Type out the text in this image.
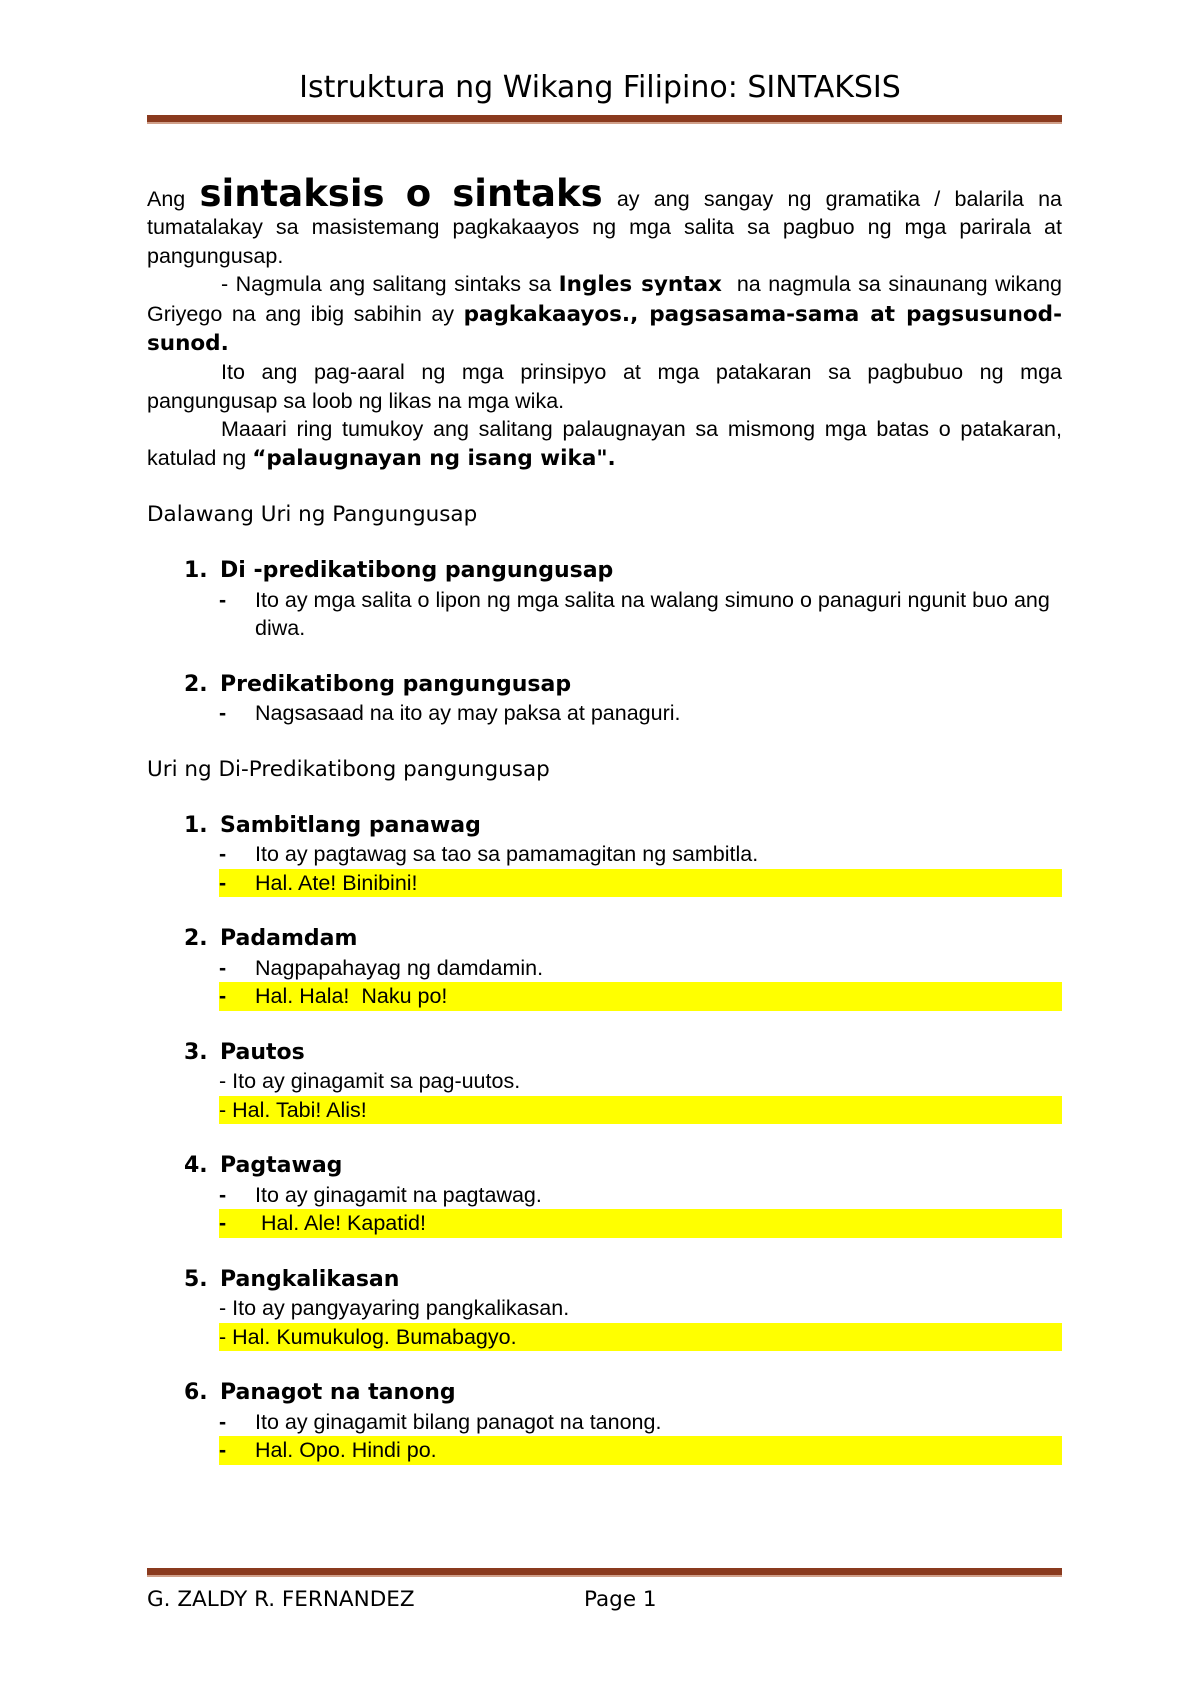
Istruktura ng Wikang Filipino: SINTAKSIS

Ang sintaksis o sintaks ay ang sangay ng gramatika / balarila na tumatalakay sa masistemang pagkakaayos ng mga salita sa pagbuo ng mga parirala at pangungusap.

- Nagmula ang salitang sintaks sa Ingles syntax  na nagmula sa sinaunang wikang Griyego na ang ibig sabihin ay pagkakaayos., pagsasama-sama at pagsusunod-sunod.

Ito ang pag-aaral ng mga prinsipyo at mga patakaran sa pagbubuo ng mga pangungusap sa loob ng likas na mga wika.

Maaari ring tumukoy ang salitang palaugnayan sa mismong mga batas o patakaran, katulad ng “palaugnayan ng isang wika".

Dalawang Uri ng Pangungusap

1. Di -predikatibong pangungusap

- Ito ay mga salita o lipon ng mga salita na walang simuno o panaguri ngunit buo ang diwa.

2. Predikatibong pangungusap

- Nagsasaad na ito ay may paksa at panaguri.

Uri ng Di-Predikatibong pangungusap

1. Sambitlang panawag

- Ito ay pagtawag sa tao sa pamamagitan ng sambitla.

- Hal. Ate! Binibini!

2. Padamdam

- Nagpapahayag ng damdamin.

- Hal. Hala!  Naku po!

3. Pautos

- Ito ay ginagamit sa pag-uutos.

- Hal. Tabi! Alis!

4. Pagtawag

- Ito ay ginagamit na pagtawag.

- Hal. Ale! Kapatid!

5. Pangkalikasan

- Ito ay pangyayaring pangkalikasan.

- Hal. Kumukulog. Bumabagyo.

6. Panagot na tanong

- Ito ay ginagamit bilang panagot na tanong.

- Hal. Opo. Hindi po.

G. ZALDY R. FERNANDEZ	Page 1
